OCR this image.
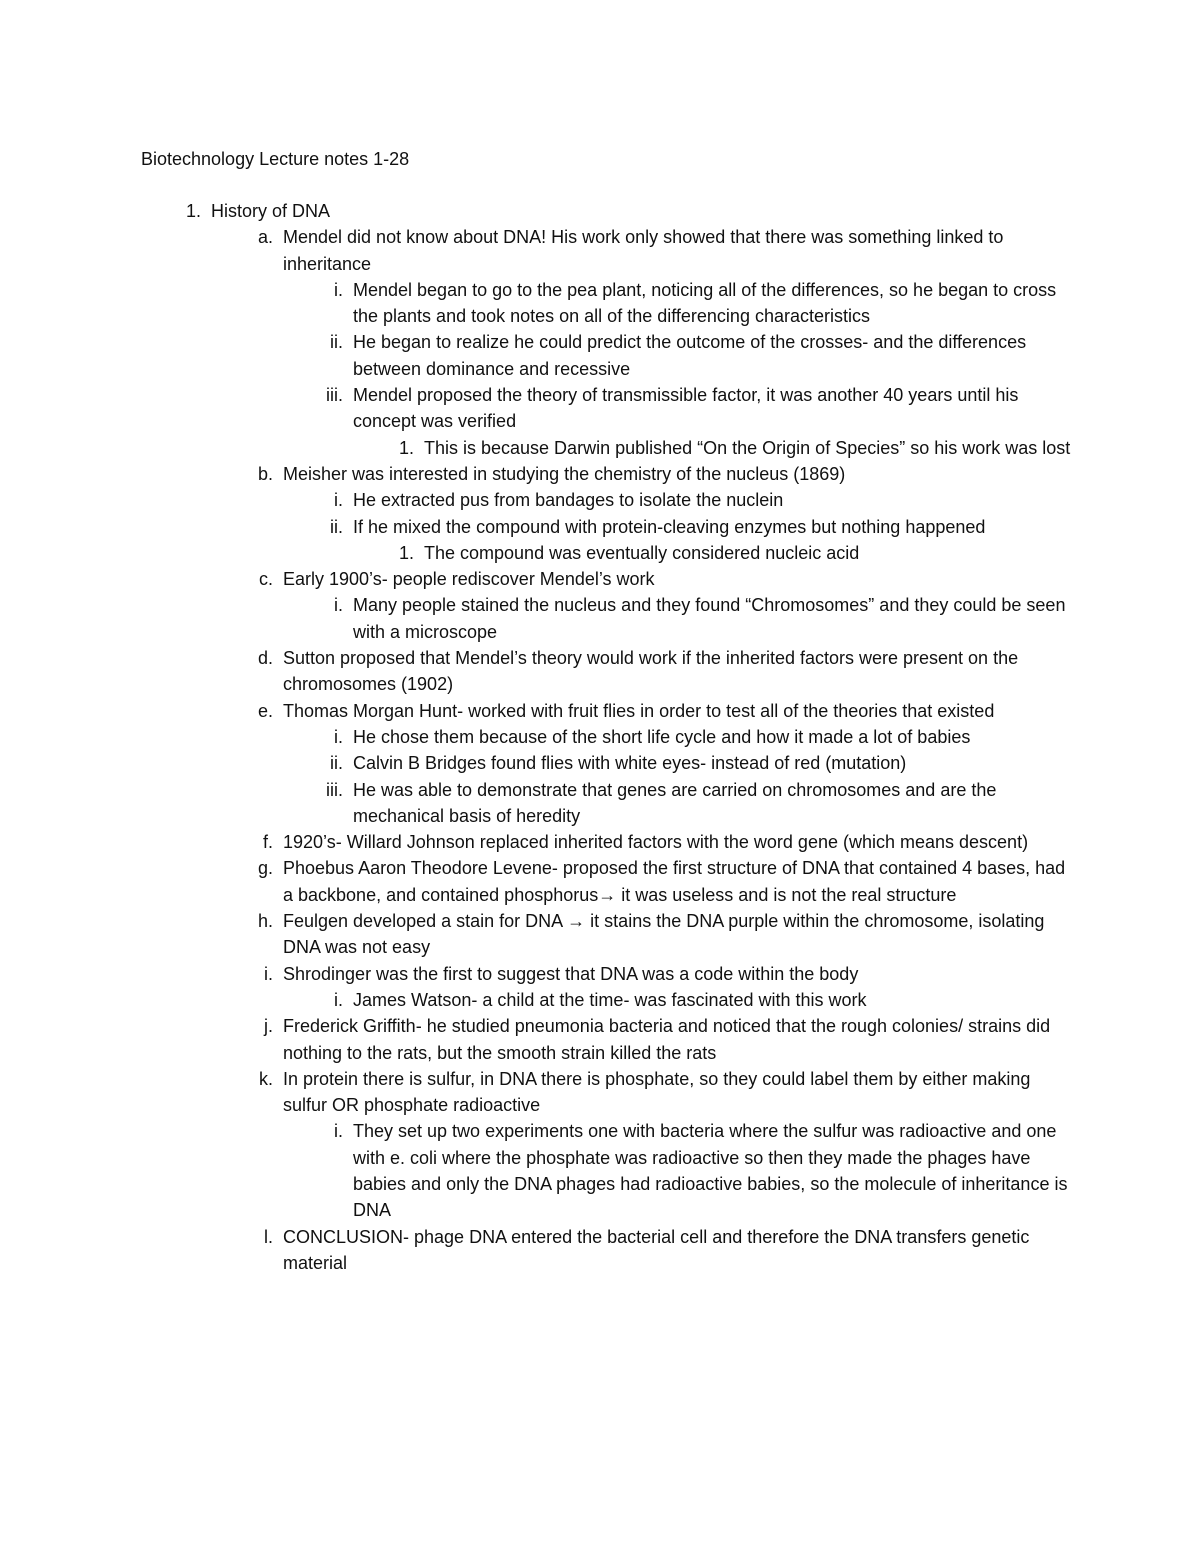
Biotechnology Lecture notes 1-28
1. History of DNA
a. Mendel did not know about DNA! His work only showed that there was something linked to inheritance
i. Mendel began to go to the pea plant, noticing all of the differences, so he began to cross the plants and took notes on all of the differencing characteristics
ii. He began to realize he could predict the outcome of the crosses- and the differences between dominance and recessive
iii. Mendel proposed the theory of transmissible factor, it was another 40 years until his concept was verified
1. This is because Darwin published “On the Origin of Species” so his work was lost
b. Meisher was interested in studying the chemistry of the nucleus (1869)
i. He extracted pus from bandages to isolate the nuclein
ii. If he mixed the compound with protein-cleaving enzymes but nothing happened
1. The compound was eventually considered nucleic acid
c. Early 1900’s- people rediscover Mendel’s work
i. Many people stained the nucleus and they found “Chromosomes” and they could be seen with a microscope
d. Sutton proposed that Mendel’s theory would work if the inherited factors were present on the chromosomes (1902)
e. Thomas Morgan Hunt- worked with fruit flies in order to test all of the theories that existed
i. He chose them because of the short life cycle and how it made a lot of babies
ii. Calvin B Bridges found flies with white eyes- instead of red (mutation)
iii. He was able to demonstrate that genes are carried on chromosomes and are the mechanical basis of heredity
f. 1920’s- Willard Johnson replaced inherited factors with the word gene (which means descent)
g. Phoebus Aaron Theodore Levene- proposed the first structure of DNA that contained 4 bases, had a backbone, and contained phosphorus→ it was useless and is not the real structure
h. Feulgen developed a stain for DNA → it stains the DNA purple within the chromosome, isolating DNA was not easy
i. Shrodinger was the first to suggest that DNA was a code within the body
i. James Watson- a child at the time- was fascinated with this work
j. Frederick Griffith- he studied pneumonia bacteria and noticed that the rough colonies/ strains did nothing to the rats, but the smooth strain killed the rats
k. In protein there is sulfur, in DNA there is phosphate, so they could label them by either making sulfur OR phosphate radioactive
i. They set up two experiments one with bacteria where the sulfur was radioactive and one with e. coli where the phosphate was radioactive so then they made the phages have babies and only the DNA phages had radioactive babies, so the molecule of inheritance is DNA
l. CONCLUSION- phage DNA entered the bacterial cell and therefore the DNA transfers genetic material
